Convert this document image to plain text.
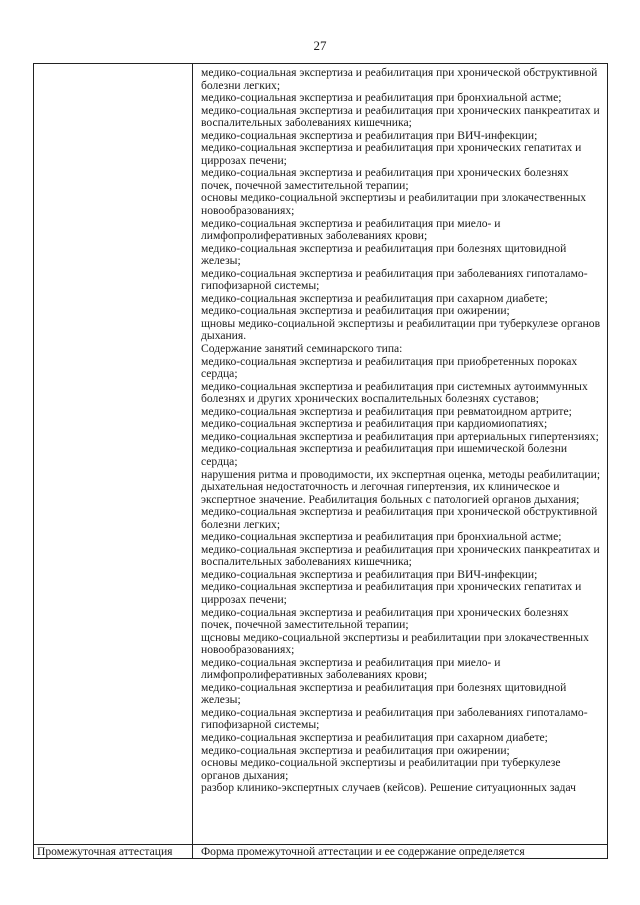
27

медико-социальная экспертиза и реабилитация при хронической обструктивной болезни легких;

медико-социальная экспертиза и реабилитация при бронхиальной астме;

медико-социальная экспертиза и реабилитация при хронических панкреатитах и воспалительных заболеваниях кишечника;

медико-социальная экспертиза и реабилитация при ВИЧ-инфекции;

медико-социальная экспертиза и реабилитация при хронических гепатитах и циррозах печени;

медико-социальная экспертиза и реабилитация при хронических болезнях почек, почечной заместительной терапии;

основы медико-социальной экспертизы и реабилитации при злокачественных новообразованиях;

медико-социальная экспертиза и реабилитация при миело- и лимфопролиферативных заболеваниях крови;

медико-социальная экспертиза и реабилитация при болезнях щитовидной железы;

медико-социальная экспертиза и реабилитация при заболеваниях гипоталамо-гипофизарной системы;

медико-социальная экспертиза и реабилитация при сахарном диабете;

медико-социальная экспертиза и реабилитация при ожирении;

щновы медико-социальной экспертизы и реабилитации при туберкулезе органов дыхания.

Содержание занятий семинарского типа:

медико-социальная экспертиза и реабилитация при приобретенных пороках сердца;

медико-социальная экспертиза и реабилитация при системных аутоиммунных болезнях и других хронических воспалительных болезнях суставов;

медико-социальная экспертиза и реабилитация при ревматоидном артрите;

медико-социальная экспертиза и реабилитация при кардиомиопатиях;

медико-социальная экспертиза и реабилитация при артериальных гипертензиях;

медико-социальная экспертиза и реабилитация при ишемической болезни сердца;

нарушения ритма и проводимости, их экспертная оценка, методы реабилитации;

дыхательная недостаточность и легочная гипертензия, их клиническое и экспертное значение. Реабилитация больных с патологией органов дыхания;

медико-социальная экспертиза и реабилитация при хронической обструктивной болезни легких;

медико-социальная экспертиза и реабилитация при бронхиальной астме;

медико-социальная экспертиза и реабилитация при хронических панкреатитах и воспалительных заболеваниях кишечника;

медико-социальная экспертиза и реабилитация при ВИЧ-инфекции;

медико-социальная экспертиза и реабилитация при хронических гепатитах и циррозах печени;

медико-социальная экспертиза и реабилитация при хронических болезнях почек, почечной заместительной терапии;

щсновы медико-социальной экспертизы и реабилитации при злокачественных новообразованиях;

медико-социальная экспертиза и реабилитация при миело- и лимфопролиферативных заболеваниях крови;

медико-социальная экспертиза и реабилитация при болезнях щитовидной железы;

медико-социальная экспертиза и реабилитация при заболеваниях гипоталамо-гипофизарной системы;

медико-социальная экспертиза и реабилитация при сахарном диабете;

медико-социальная экспертиза и реабилитация при ожирении;

основы медико-социальной экспертизы и реабилитации при туберкулезе органов дыхания;

разбор клинико-экспертных случаев (кейсов). Решение ситуационных задач

Промежуточная аттестация	Форма промежуточной аттестации и ее содержание определяется
